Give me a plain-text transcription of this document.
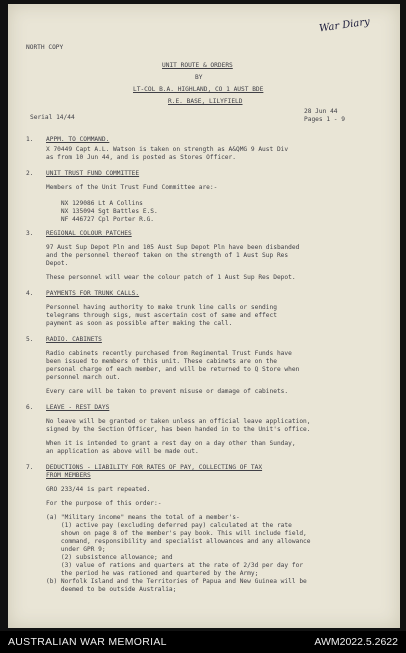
War Diary
NORTH COPY
UNIT ROUTE & ORDERS
BY
LT-COL B.A. HIGHLAND, CO 1 AUST BDE
R.E. BASE, LILYFIELD
Serial 14/44
28 Jun 44
Pages 1 - 9
1. APPM. TO COMMAND.
X 70449 Capt A.L. Watson is taken on strength as A&QMG 9 Aust Div
as from 10 Jun 44, and is posted as Stores Officer.
2. UNIT TRUST FUND COMMITTEE
Members of the Unit Trust Fund Committee are:-
NX 129086 Lt A Collins
NX 135094 Sgt Battles E.S.
NF 446727 Cpl Porter R.G.
3. REGIONAL COLOUR PATCHES
97 Aust Sup Depot Pln and 105 Aust Sup Depot Pln have been disbanded
and the personnel thereof taken on the strength of 1 Aust Sup Res
Depot.
These personnel will wear the colour patch of 1 Aust Sup Res Depot.
4. PAYMENTS FOR TRUNK CALLS.
Personnel having authority to make trunk line calls or sending
telegrams through sigs, must ascertain cost of same and effect
payment as soon as possible after making the call.
5. RADIO. CABINETS
Radio cabinets recently purchased from Regimental Trust Funds have
been issued to members of this unit. These cabinets are on the
personal charge of each member, and will be returned to Q Store when
personnel march out.
Every care will be taken to prevent misuse or damage of cabinets.
6. LEAVE - REST DAYS
No leave will be granted or taken unless an official leave application,
signed by the Section Officer, has been handed in to the Unit's office.
When it is intended to grant a rest day on a day other than Sunday,
an application as above will be made out.
7. DEDUCTIONS - LIABILITY FOR RATES OF PAY, COLLECTING OF TAX
FROM MEMBERS
GRO 233/44 is part repeated.
For the purpose of this order:-
(a) "Military income" means the total of a member's-
(1) active pay (excluding deferred pay) calculated at the rate
shown on page 8 of the member's pay book. This will include field,
command, responsibility and specialist allowances and any allowance
under GPR 9;
(2) subsistence allowance; and
(3) value of rations and quarters at the rate of 2/3d per day for
the period he was rationed and quartered by the Army;
(b) Norfolk Island and the Territories of Papua and New Guinea will be
deemed to be outside Australia;
AUSTRALIAN WAR MEMORIAL	AWM2022.5.2622
